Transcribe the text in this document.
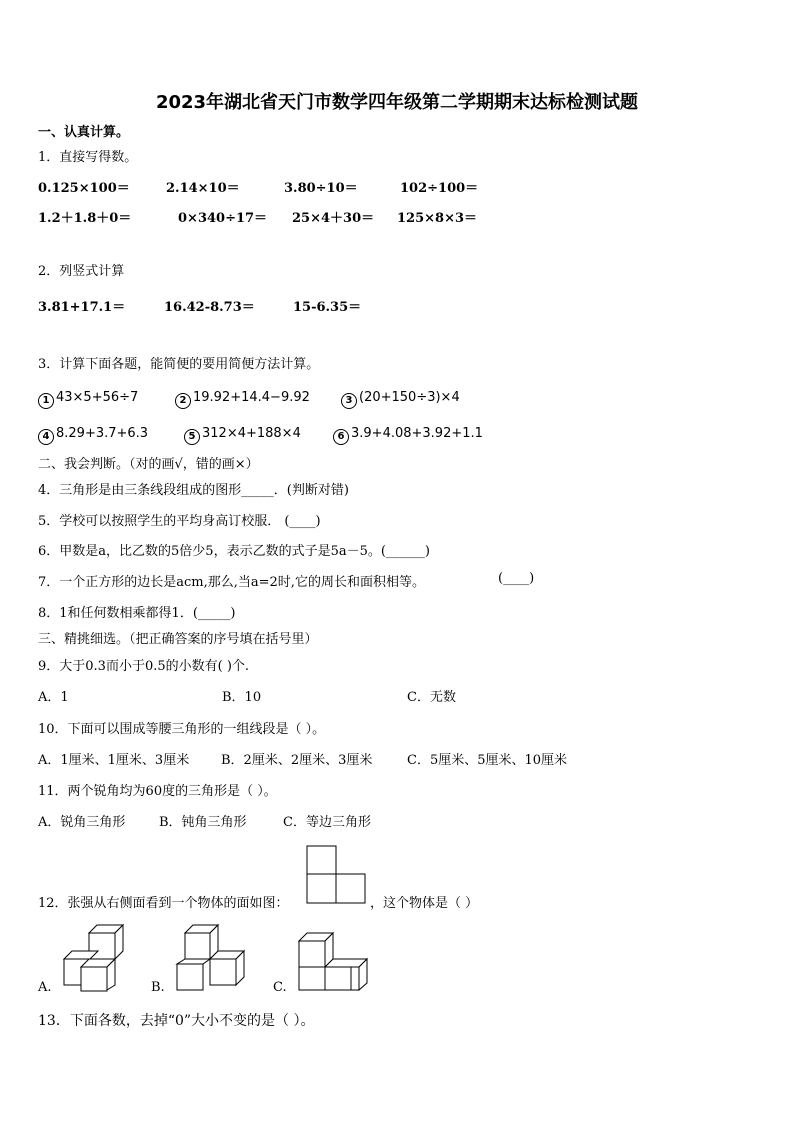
2023年湖北省天门市数学四年级第二学期期末达标检测试题
一、认真计算。
1．直接写得数。
0.125×100＝	2.14×10＝	3.80÷10＝	102÷100＝
1.2＋1.8＋0＝	0×340÷17＝ 25×4＋30＝ 125×8×3＝
2．列竖式计算
3.81+17.1＝	16.42-8.73＝	15-6.35＝
3．计算下面各题，能简便的要用简便方法计算。
1 43×5+56÷7	2 19.92+14.4−9.92	3 (20+150÷3)×4
4 8.29+3.7+6.3	5 312×4+188×4	6 3.9+4.08+3.92+1.1
二、我会判断。（对的画√，错的画×）
4．三角形是由三条线段组成的图形_____．(判断对错)
5．学校可以按照学生的平均身高订校服． (____)
6．甲数是a，比乙数的5倍少5，表示乙数的式子是5a－5。(______)
7．一个正方形的边长是acm,那么,当a=2时,它的周长和面积相等。	(____)
8．1和任何数相乘都得1．(_____)
三、精挑细选。（把正确答案的序号填在括号里）
9．大于0.3而小于0.5的小数有( )个.
A．1	B．10	C．无数
10．下面可以围成等腰三角形的一组线段是（ ）。
A．1厘米、1厘米、3厘米 B．2厘米、2厘米、3厘米	C．5厘米、5厘米、10厘米
11．两个锐角均为60度的三角形是（ ）。
A．锐角三角形	B．钝角三角形	C．等边三角形
12．张强从右侧面看到一个物体的面如图：	，这个物体是（ ）
A.	B.	C.
13．下面各数，去掉“0”大小不变的是（ ）。
